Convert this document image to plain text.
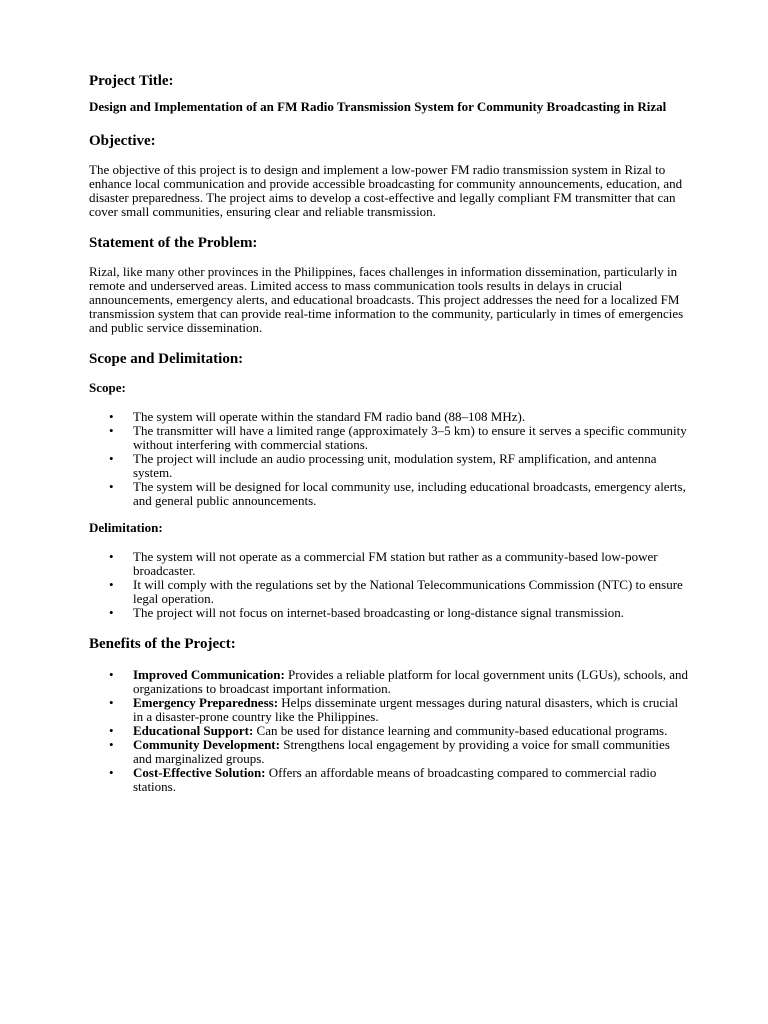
Project Title:
Design and Implementation of an FM Radio Transmission System for Community Broadcasting in Rizal
Objective:

The objective of this project is to design and implement a low-power FM radio transmission system in Rizal to enhance local communication and provide accessible broadcasting for community announcements, education, and disaster preparedness. The project aims to develop a cost-effective and legally compliant FM transmitter that can cover small communities, ensuring clear and reliable transmission.

Statement of the Problem:

Rizal, like many other provinces in the Philippines, faces challenges in information dissemination, particularly in remote and underserved areas. Limited access to mass communication tools results in delays in crucial announcements, emergency alerts, and educational broadcasts. This project addresses the need for a localized FM transmission system that can provide real-time information to the community, particularly in times of emergencies and public service dissemination.

Scope and Delimitation:
Scope:
• The system will operate within the standard FM radio band (88–108 MHz).
• The transmitter will have a limited range (approximately 3–5 km) to ensure it serves a specific community without interfering with commercial stations.
• The project will include an audio processing unit, modulation system, RF amplification, and antenna system.
• The system will be designed for local community use, including educational broadcasts, emergency alerts, and general public announcements.
Delimitation:
• The system will not operate as a commercial FM station but rather as a community-based low-power broadcaster.
• It will comply with the regulations set by the National Telecommunications Commission (NTC) to ensure legal operation.
• The project will not focus on internet-based broadcasting or long-distance signal transmission.
Benefits of the Project:
• Improved Communication: Provides a reliable platform for local government units (LGUs), schools, and organizations to broadcast important information.
• Emergency Preparedness: Helps disseminate urgent messages during natural disasters, which is crucial in a disaster-prone country like the Philippines.
• Educational Support: Can be used for distance learning and community-based educational programs.
• Community Development: Strengthens local engagement by providing a voice for small communities and marginalized groups.
• Cost-Effective Solution: Offers an affordable means of broadcasting compared to commercial radio stations.
